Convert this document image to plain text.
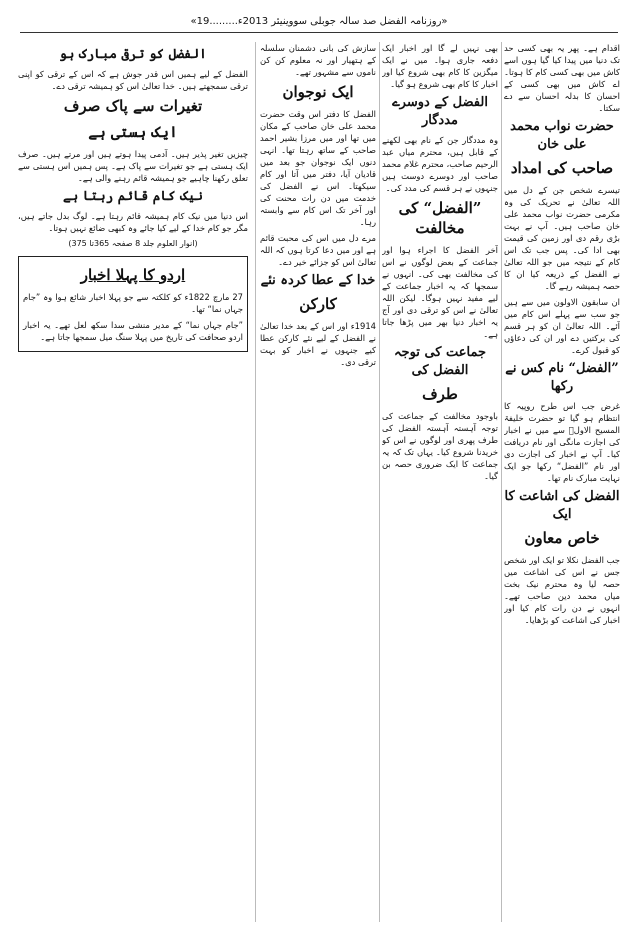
«روزنامہ الفضل صد سالہ جوبلی سووینیئر 2013ء.........19»

اقدام ہے۔ پھر یہ بھی کسی حد تک دنیا میں پیدا کیا گیا ہوں اسے کاش میں بھی کسی کام کا ہوتا۔ اے کاش میں بھی کسی کے احسان کا بدلہ احسان سے دے سکتا۔

حضرت نواب محمد علی خان
صاحب کی امداد

تیسرے شخص جن کے دل میں اللہ تعالیٰ نے تحریک کی وہ مکرمی حضرت نواب محمد علی خان صاحب ہیں۔ آپ نے بہت بڑی رقم دی اور زمین کی قیمت بھی ادا کی۔ پس جب تک اس کام کے نتیجہ میں جو اللہ تعالیٰ نے الفضل کے ذریعہ کیا ان کا حصہ ہمیشہ رہے گا۔

ان سابقون الاولون میں سے ہیں جو سب سے پہلے اس کام میں آئے۔ اللہ تعالیٰ ان کو ہر قسم کی برکتیں دے اور ان کی دعاؤں کو قبول کرے۔

”الفضل“ نام کس نے رکھا

غرض جب اس طرح روپیہ کا انتظام ہو گیا تو حضرت خلیفۃ المسیح الاولؓ سے میں نے اخبار کی اجازت مانگی اور نام دریافت کیا۔ آپ نے اخبار کی اجازت دی اور نام ”الفضل“ رکھا جو ایک نہایت مبارک نام تھا۔

الفضل کی اشاعت کا ایک
خاص معاون

جب الفضل نکلا تو ایک اور شخص جس نے اس کی اشاعت میں حصہ لیا وہ محترم نیک بخت میاں محمد دین صاحب تھے۔ انہوں نے دن رات کام کیا اور اخبار کی اشاعت کو بڑھایا۔

بھی نہیں لے گا اور اخبار ایک دفعہ جاری ہوا۔ میں نے ایک میگزین کا کام بھی شروع کیا اور اخبار کا کام بھی شروع ہو گیا۔

الفضل کے دوسرے مددگار

وہ مددگار جن کے نام بھی لکھنے کے قابل ہیں، محترم میاں عبد الرحیم صاحب، محترم غلام محمد صاحب اور دوسرے دوست ہیں جنہوں نے ہر قسم کی مدد کی۔

”الفضل“ کی مخالفت

آخر الفضل کا اجراء ہوا اور جماعت کے بعض لوگوں نے اس کی مخالفت بھی کی۔ انہوں نے سمجھا کہ یہ اخبار جماعت کے لیے مفید نہیں ہوگا۔ لیکن اللہ تعالیٰ نے اس کو ترقی دی اور آج یہ اخبار دنیا بھر میں پڑھا جاتا ہے۔

جماعت کی توجہ الفضل کی
طرف

باوجود مخالفت کے جماعت کی توجہ آہستہ آہستہ الفضل کی طرف پھری اور لوگوں نے اس کو خریدنا شروع کیا۔ یہاں تک کہ یہ جماعت کا ایک ضروری حصہ بن گیا۔

سازش کی بانی دشمنان سلسلہ کے ہتھیار اور نہ معلوم کن کن ناموں سے مشہور تھے۔

ایک نوجوان

الفضل کا دفتر اس وقت حضرت محمد علی خان صاحب کے مکان میں تھا اور میں مرزا بشیر احمد صاحب کے ساتھ رہتا تھا۔ انہی دنوں ایک نوجوان جو بعد میں قادیان آیا، دفتر میں آتا اور کام سیکھتا۔ اس نے الفضل کی خدمت میں دن رات محنت کی اور آخر تک اس کام سے وابستہ رہا۔

مرے دل میں اس کی محبت قائم ہے اور میں دعا کرتا ہوں کہ اللہ تعالیٰ اس کو جزائے خیر دے۔

خدا کے عطا کردہ نئے
کارکن

1914ء اور اس کے بعد خدا تعالیٰ نے الفضل کے لیے نئے کارکن عطا کیے جنہوں نے اخبار کو بہت ترقی دی۔

الفضل کو ترقی مبارک ہو

الفضل کے لیے ہمیں اس قدر جوش ہے کہ اس کے ترقی کو اپنی ترقی سمجھتے ہیں۔ خدا تعالیٰ اس کو ہمیشہ ترقی دے۔

تغیرات سے پاک صرف
ایک ہستی ہے

چیزیں تغیر پذیر ہیں۔ آدمی پیدا ہوتے ہیں اور مرتے ہیں۔ صرف ایک ہستی ہے جو تغیرات سے پاک ہے۔ پس ہمیں اس ہستی سے تعلق رکھنا چاہیے جو ہمیشہ قائم رہنے والی ہے۔

نیک کام قائم رہتا ہے

اس دنیا میں نیک کام ہمیشہ قائم رہتا ہے۔ لوگ بدل جاتے ہیں، مگر جو کام خدا کے لیے کیا جائے وہ کبھی ضائع نہیں ہوتا۔

(انوار العلوم جلد 8 صفحہ 365تا 375)
اردو کا پہلا اخبار

27 مارچ 1822ء کو کلکتہ سے جو پہلا اخبار شائع ہوا وہ ”جام جہاں نما“ تھا۔

”جام جہاں نما“ کے مدیر منشی سدا سکھ لعل تھے۔ یہ اخبار اردو صحافت کی تاریخ میں پہلا سنگ میل سمجھا جاتا ہے۔
